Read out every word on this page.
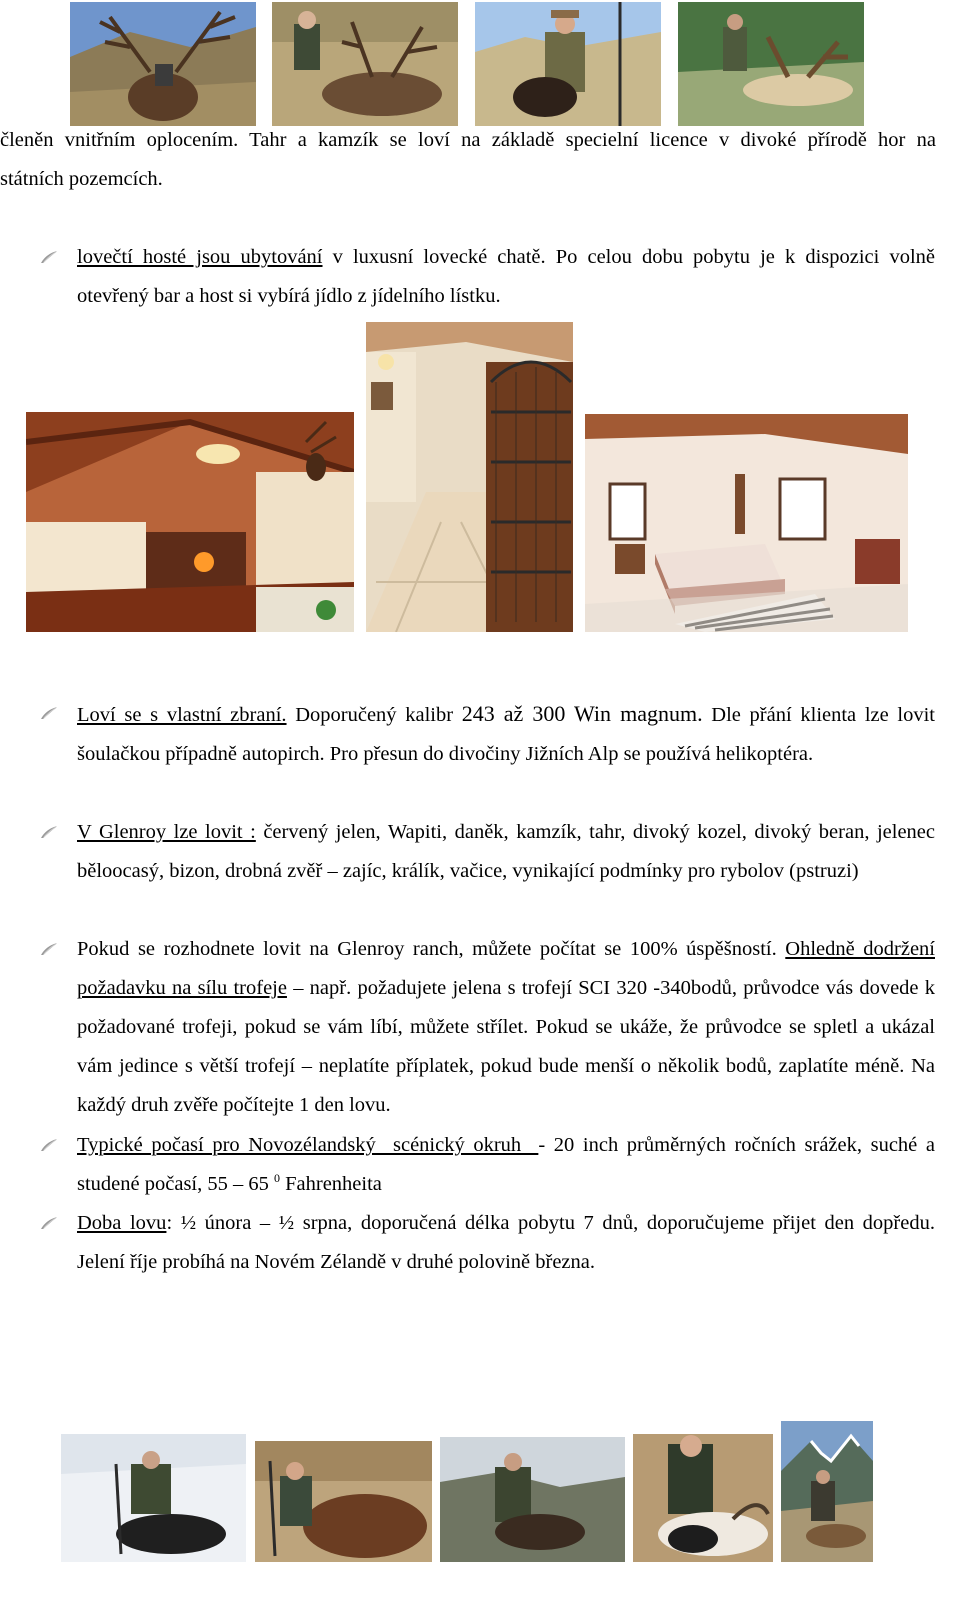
členěn vnitřním oplocením. Tahr a kamzík se loví na základě specielní licence v divoké přírodě hor na

státních pozemcích.

lovečtí hosté jsou ubytování v luxusní lovecké chatě. Po celou dobu pobytu je k dispozici volně otevřený bar a host si vybírá jídlo z jídelního lístku.
Loví se s vlastní zbraní. Doporučený kalibr 243 až 300 Win magnum. Dle přání klienta lze lovit šoulačkou případně autopirch. Pro přesun do divočiny Jižních Alp se používá helikoptéra.
V Glenroy lze lovit : červený jelen, Wapiti, daněk, kamzík, tahr, divoký kozel, divoký beran, jelenec běloocasý, bizon, drobná zvěř – zajíc, králík, vačice, vynikající podmínky pro rybolov (pstruzi)
Pokud se rozhodnete lovit na Glenroy ranch, můžete počítat se 100% úspěšností. Ohledně dodržení požadavku na sílu trofeje – např. požadujete jelena s trofejí SCI 320 -340bodů, průvodce vás dovede k požadované trofeji, pokud se vám líbí, můžete střílet. Pokud se ukáže, že průvodce se spletl a ukázal vám jedince s větší trofejí – neplatíte příplatek, pokud bude menší o několik bodů, zaplatíte méně. Na každý druh zvěře počítejte 1 den lovu.
Typické počasí pro Novozélandský  scénický okruh  - 20 inch průměrných ročních srážek, suché a studené počasí, 55 – 65 $^0$ Fahrenheita
Doba lovu: ½ února – ½ srpna, doporučená délka pobytu 7 dnů, doporučujeme přijet den dopředu. Jelení říje probíhá na Novém Zélandě v druhé polovině března.
